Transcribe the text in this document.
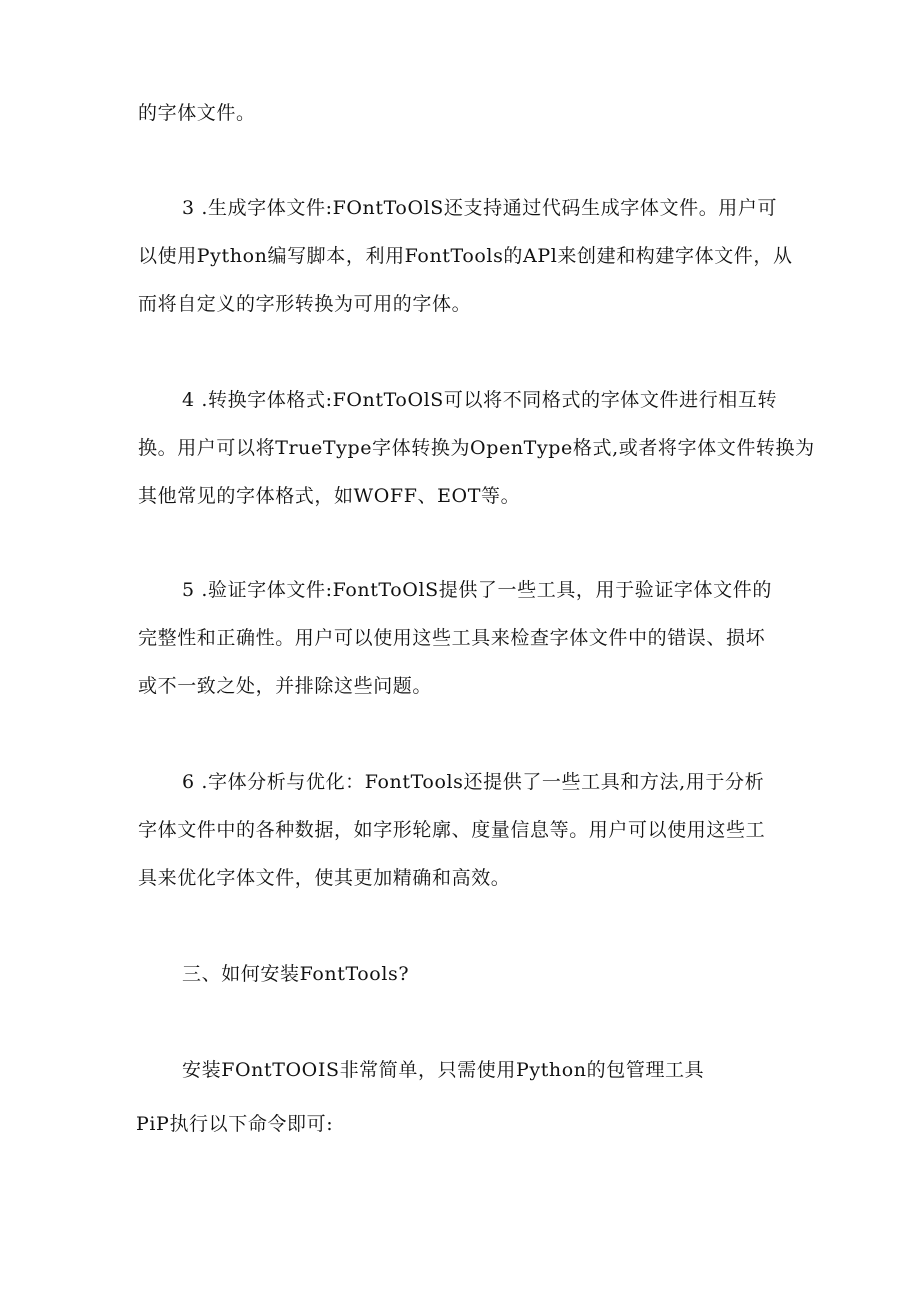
的字体文件。
3 .生成字体文件:FOntToOlS还支持通过代码生成字体文件。用户可
以使用Python编写脚本，利用FontTools的APl来创建和构建字体文件，从
而将自定义的字形转换为可用的字体。
4 .转换字体格式:FOntToOlS可以将不同格式的字体文件进行相互转
换。用户可以将TrueType字体转换为OpenType格式,或者将字体文件转换为
其他常见的字体格式，如WOFF、EOT等。
5 .验证字体文件:FontToOlS提供了一些工具，用于验证字体文件的
完整性和正确性。用户可以使用这些工具来检查字体文件中的错误、损坏
或不一致之处，并排除这些问题。
6 .字体分析与优化：FontTools还提供了一些工具和方法,用于分析
字体文件中的各种数据，如字形轮廓、度量信息等。用户可以使用这些工
具来优化字体文件，使其更加精确和高效。
三、如何安装FontTools?
安装FOntTOOIS非常简单，只需使用Python的包管理工具
PiP执行以下命令即可:
